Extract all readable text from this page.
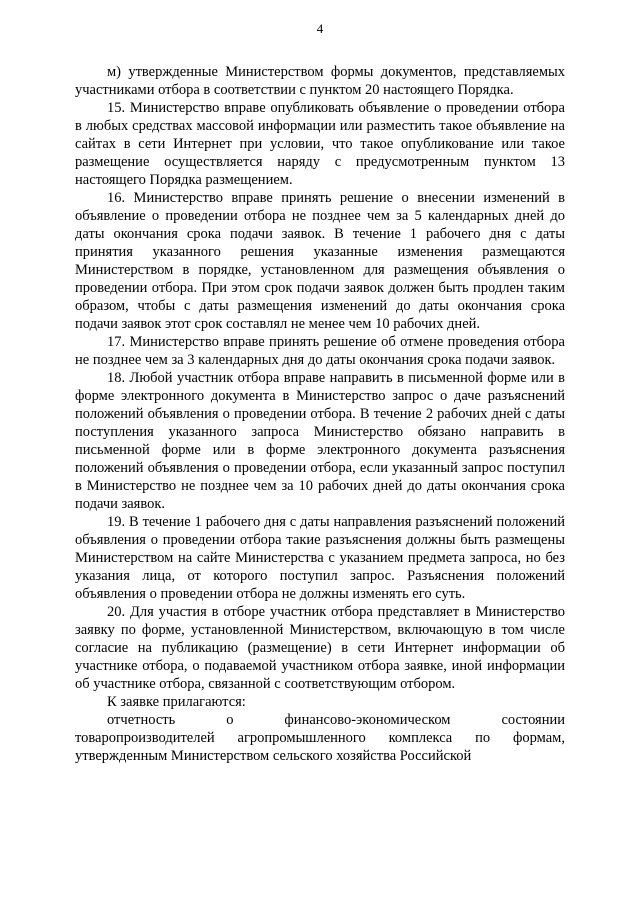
4

м) утвержденные Министерством формы документов, представляемых участниками отбора в соответствии с пунктом 20 настоящего Порядка.

15. Министерство вправе опубликовать объявление о проведении отбора в любых средствах массовой информации или разместить такое объявление на сайтах в сети Интернет при условии, что такое опубликование или такое размещение осуществляется наряду с предусмотренным пунктом 13 настоящего Порядка размещением.

16. Министерство вправе принять решение о внесении изменений в объявление о проведении отбора не позднее чем за 5 календарных дней до даты окончания срока подачи заявок. В течение 1 рабочего дня с даты принятия указанного решения указанные изменения размещаются Министерством в порядке, установленном для размещения объявления о проведении отбора. При этом срок подачи заявок должен быть продлен таким образом, чтобы с даты размещения изменений до даты окончания срока подачи заявок этот срок составлял не менее чем 10 рабочих дней.

17. Министерство вправе принять решение об отмене проведения отбора не позднее чем за 3 календарных дня до даты окончания срока подачи заявок.

18. Любой участник отбора вправе направить в письменной форме или в форме электронного документа в Министерство запрос о даче разъяснений положений объявления о проведении отбора. В течение 2 рабочих дней с даты поступления указанного запроса Министерство обязано направить в письменной форме или в форме электронного документа разъяснения положений объявления о проведении отбора, если указанный запрос поступил в Министерство не позднее чем за 10 рабочих дней до даты окончания срока подачи заявок.

19. В течение 1 рабочего дня с даты направления разъяснений положений объявления о проведении отбора такие разъяснения должны быть размещены Министерством на сайте Министерства с указанием предмета запроса, но без указания лица, от которого поступил запрос. Разъяснения положений объявления о проведении отбора не должны изменять его суть.

20. Для участия в отборе участник отбора представляет в Министерство заявку по форме, установленной Министерством, включающую в том числе согласие на публикацию (размещение) в сети Интернет информации об участнике отбора, о подаваемой участником отбора заявке, иной информации об участнике отбора, связанной с соответствующим отбором.

К заявке прилагаются:

отчетность о финансово-экономическом состоянии товаропроизводителей агропромышленного комплекса по формам, утвержденным Министерством сельского хозяйства Российской
